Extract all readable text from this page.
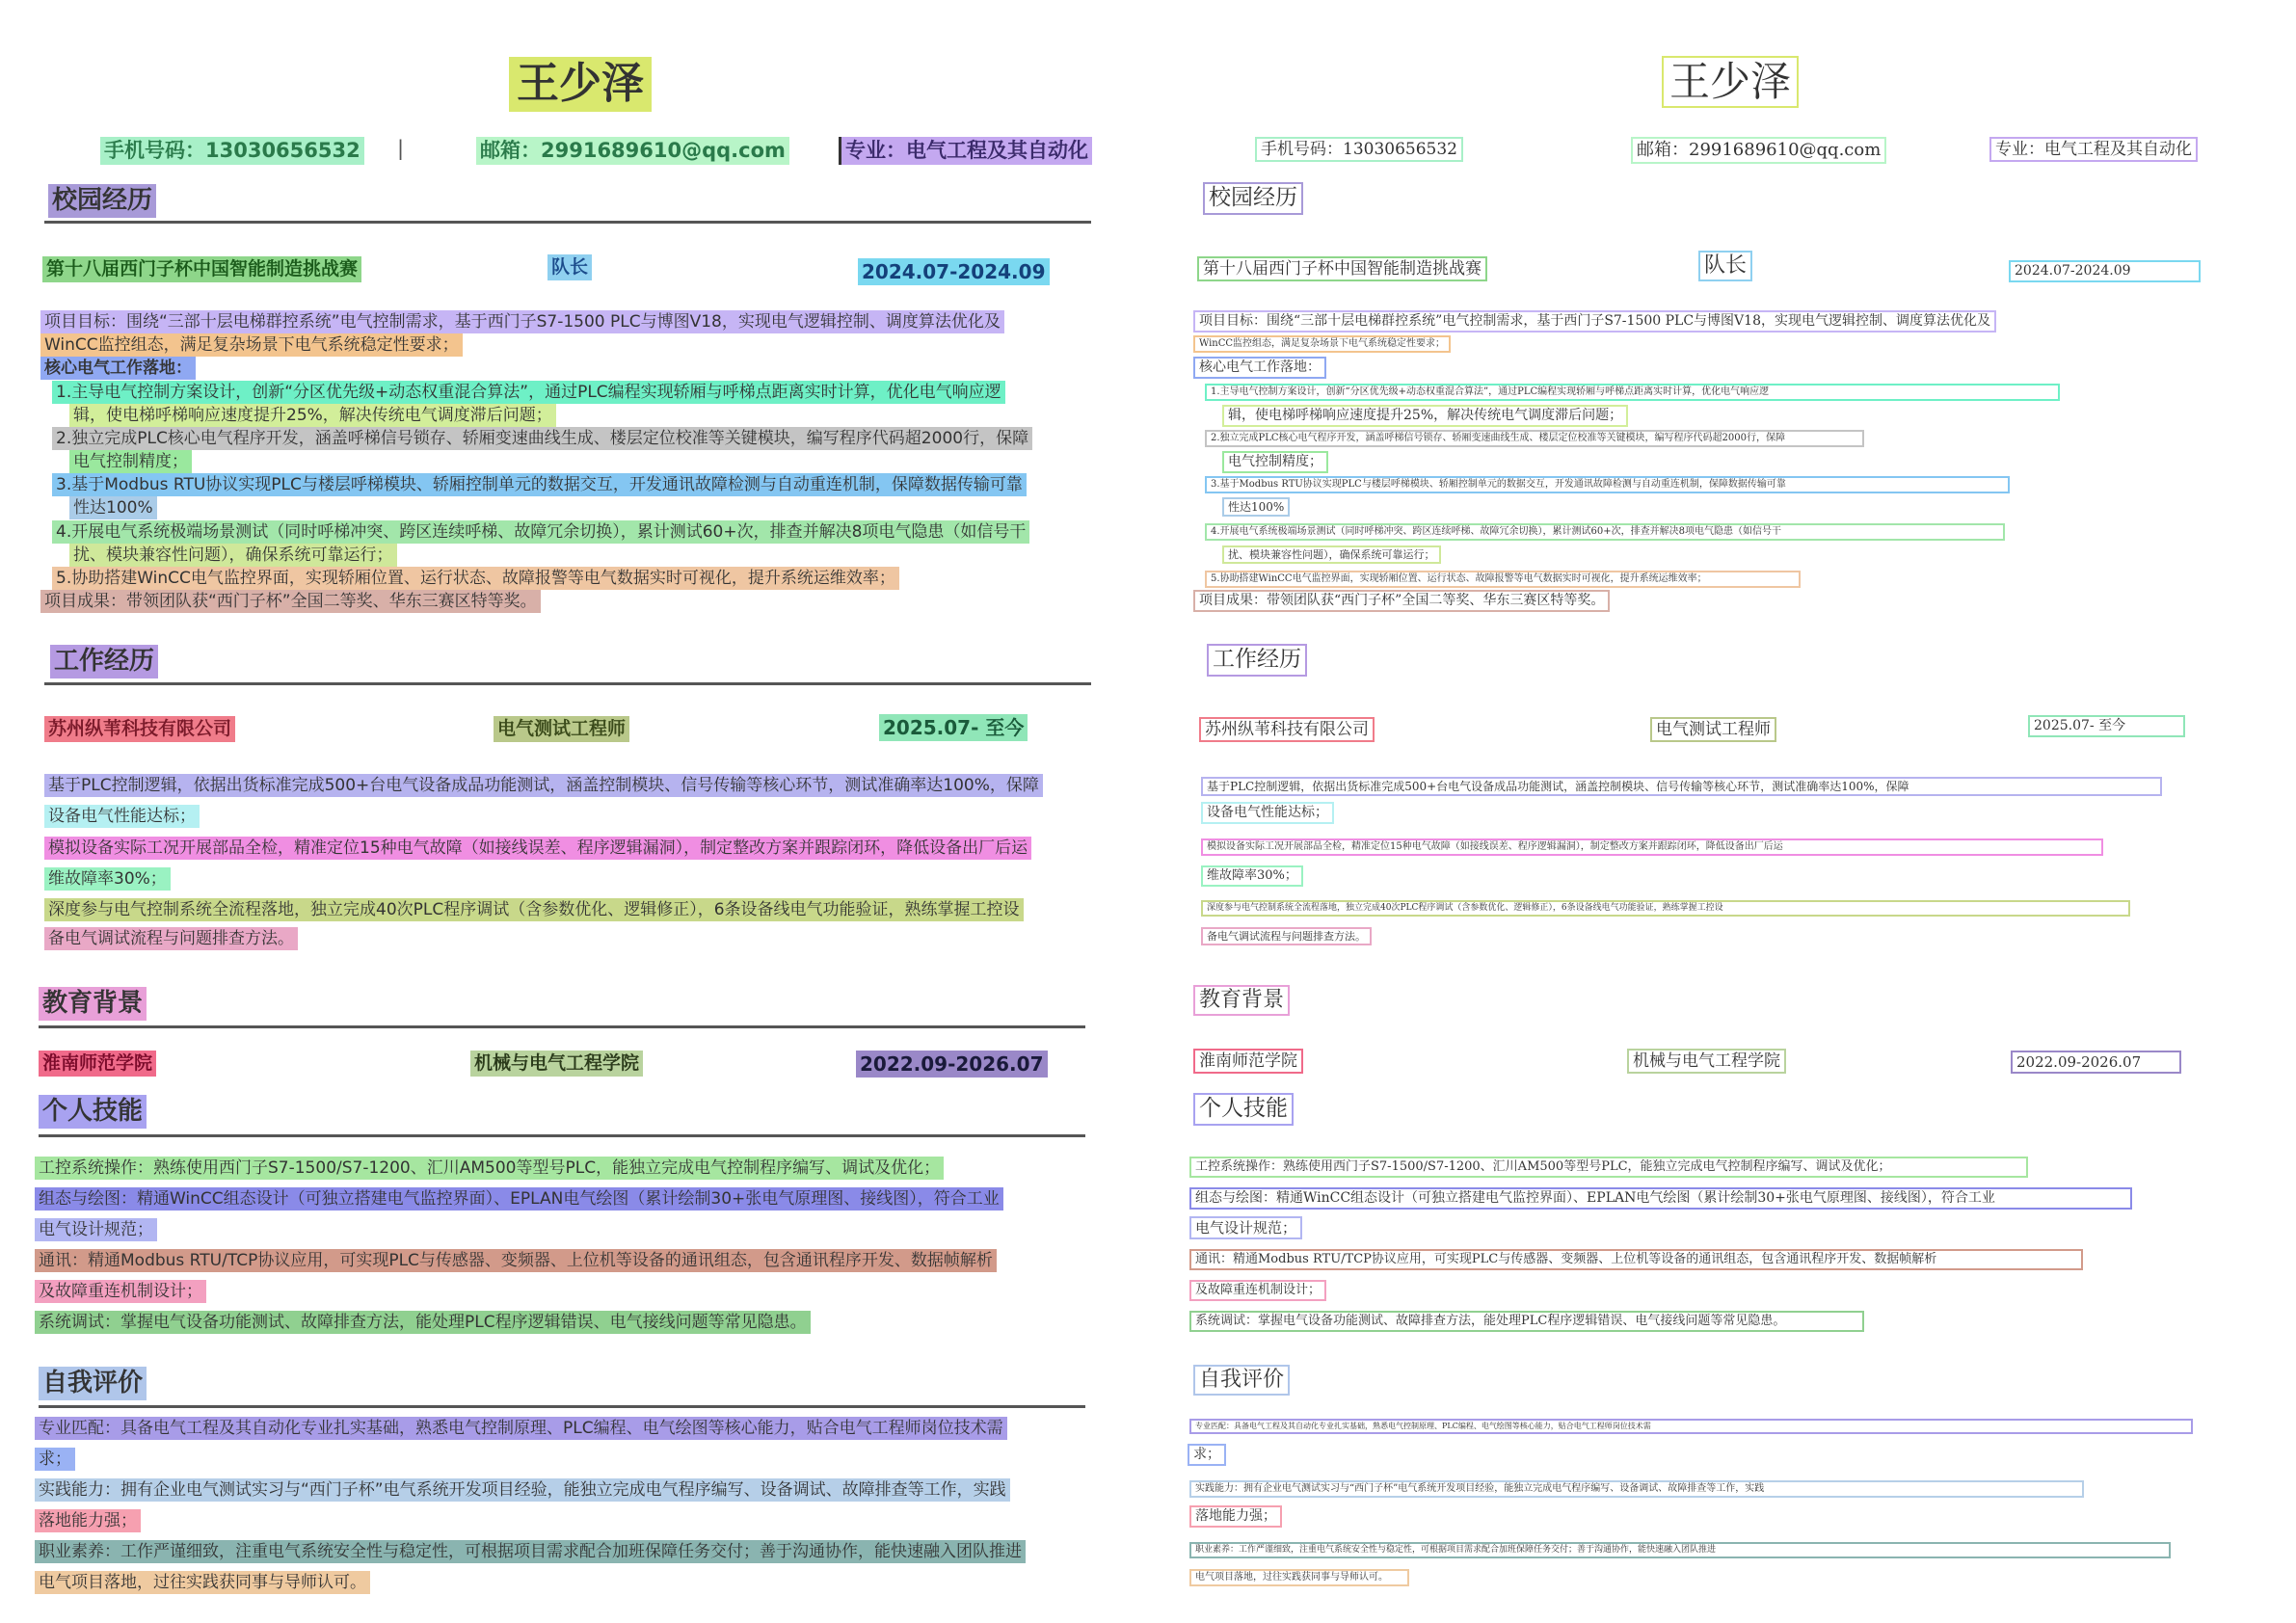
王少泽
手机号码：13030656532 |	邮箱：2991689610@qq.com	专业：电气工程及其自动化
校园经历
第十八届西门子杯中国智能制造挑战赛	队长	2024.07-2024.09
项目目标：围绕“三部十层电梯群控系统”电气控制需求，基于西门子S7-1500 PLC与博图V18，实现电气逻辑控制、调度算法优化及
WinCC监控组态，满足复杂场景下电气系统稳定性要求；
核心电气工作落地：
1.主导电气控制方案设计，创新“分区优先级+动态权重混合算法”，通过PLC编程实现轿厢与呼梯点距离实时计算，优化电气响应逻
辑，使电梯呼梯响应速度提升25%，解决传统电气调度滞后问题；
2.独立完成PLC核心电气程序开发，涵盖呼梯信号锁存、轿厢变速曲线生成、楼层定位校准等关键模块，编写程序代码超2000行，保障
电气控制精度；
3.基于Modbus RTU协议实现PLC与楼层呼梯模块、轿厢控制单元的数据交互，开发通讯故障检测与自动重连机制，保障数据传输可靠
性达100%
4.开展电气系统极端场景测试（同时呼梯冲突、跨区连续呼梯、故障冗余切换），累计测试60+次，排查并解决8项电气隐患（如信号干
扰、模块兼容性问题），确保系统可靠运行；
5.协助搭建WinCC电气监控界面，实现轿厢位置、运行状态、故障报警等电气数据实时可视化，提升系统运维效率；
项目成果：带领团队获“西门子杯”全国二等奖、华东三赛区特等奖。
工作经历
苏州纵苇科技有限公司	电气测试工程师	2025.07- 至今
基于PLC控制逻辑，依据出货标准完成500+台电气设备成品功能测试，涵盖控制模块、信号传输等核心环节，测试准确率达100%，保障
设备电气性能达标；
模拟设备实际工况开展部品全检，精准定位15种电气故障（如接线误差、程序逻辑漏洞），制定整改方案并跟踪闭环，降低设备出厂后运
维故障率30%；
深度参与电气控制系统全流程落地，独立完成40次PLC程序调试（含参数优化、逻辑修正），6条设备线电气功能验证，熟练掌握工控设
备电气调试流程与问题排查方法。
教育背景
淮南师范学院	机械与电气工程学院	2022.09-2026.07
个人技能
工控系统操作：熟练使用西门子S7-1500/S7-1200、汇川AM500等型号PLC，能独立完成电气控制程序编写、调试及优化；
组态与绘图：精通WinCC组态设计（可独立搭建电气监控界面）、EPLAN电气绘图（累计绘制30+张电气原理图、接线图），符合工业
电气设计规范；
通讯：精通Modbus RTU/TCP协议应用，可实现PLC与传感器、变频器、上位机等设备的通讯组态，包含通讯程序开发、数据帧解析
及故障重连机制设计；
系统调试：掌握电气设备功能测试、故障排查方法，能处理PLC程序逻辑错误、电气接线问题等常见隐患。
自我评价
专业匹配：具备电气工程及其自动化专业扎实基础，熟悉电气控制原理、PLC编程、电气绘图等核心能力，贴合电气工程师岗位技术需
求；
实践能力：拥有企业电气测试实习与“西门子杯”电气系统开发项目经验，能独立完成电气程序编写、设备调试、故障排查等工作，实践
落地能力强；
职业素养：工作严谨细致，注重电气系统安全性与稳定性，可根据项目需求配合加班保障任务交付；善于沟通协作，能快速融入团队推进
电气项目落地，过往实践获同事与导师认可。
王少泽
手机号码：13030656532	邮箱：2991689610@qq.com	专业：电气工程及其自动化
校园经历
第十八届西门子杯中国智能制造挑战赛	队长	2024.07-2024.09
项目目标：围绕“三部十层电梯群控系统”电气控制需求，基于西门子S7-1500 PLC与博图V18，实现电气逻辑控制、调度算法优化及
WinCC监控组态，满足复杂场景下电气系统稳定性要求；
核心电气工作落地：
1.主导电气控制方案设计，创新“分区优先级+动态权重混合算法”，通过PLC编程实现轿厢与呼梯点距离实时计算，优化电气响应逻
辑，使电梯呼梯响应速度提升25%，解决传统电气调度滞后问题；
2.独立完成PLC核心电气程序开发，涵盖呼梯信号锁存、轿厢变速曲线生成、楼层定位校准等关键模块，编写程序代码超2000行，保障
电气控制精度；
3.基于Modbus RTU协议实现PLC与楼层呼梯模块、轿厢控制单元的数据交互，开发通讯故障检测与自动重连机制，保障数据传输可靠
性达100%
4.开展电气系统极端场景测试（同时呼梯冲突、跨区连续呼梯、故障冗余切换），累计测试60+次，排查并解决8项电气隐患（如信号干
扰、模块兼容性问题），确保系统可靠运行；
5.协助搭建WinCC电气监控界面，实现轿厢位置、运行状态、故障报警等电气数据实时可视化，提升系统运维效率；
项目成果：带领团队获“西门子杯”全国二等奖、华东三赛区特等奖。
工作经历
苏州纵苇科技有限公司	电气测试工程师	2025.07- 至今
基于PLC控制逻辑，依据出货标准完成500+台电气设备成品功能测试，涵盖控制模块、信号传输等核心环节，测试准确率达100%，保障
设备电气性能达标；
模拟设备实际工况开展部品全检，精准定位15种电气故障（如接线误差、程序逻辑漏洞），制定整改方案并跟踪闭环，降低设备出厂后运
维故障率30%；
深度参与电气控制系统全流程落地，独立完成40次PLC程序调试（含参数优化、逻辑修正），6条设备线电气功能验证，熟练掌握工控设
备电气调试流程与问题排查方法。
教育背景
淮南师范学院	机械与电气工程学院	2022.09-2026.07
个人技能
工控系统操作：熟练使用西门子S7-1500/S7-1200、汇川AM500等型号PLC，能独立完成电气控制程序编写、调试及优化；
组态与绘图：精通WinCC组态设计（可独立搭建电气监控界面）、EPLAN电气绘图（累计绘制30+张电气原理图、接线图），符合工业
电气设计规范；
通讯：精通Modbus RTU/TCP协议应用，可实现PLC与传感器、变频器、上位机等设备的通讯组态，包含通讯程序开发、数据帧解析
及故障重连机制设计；
系统调试：掌握电气设备功能测试、故障排查方法，能处理PLC程序逻辑错误、电气接线问题等常见隐患。
自我评价
专业匹配：具备电气工程及其自动化专业扎实基础，熟悉电气控制原理、PLC编程、电气绘图等核心能力，贴合电气工程师岗位技术需
求；
实践能力：拥有企业电气测试实习与“西门子杯”电气系统开发项目经验，能独立完成电气程序编写、设备调试、故障排查等工作，实践
落地能力强；
职业素养：工作严谨细致，注重电气系统安全性与稳定性，可根据项目需求配合加班保障任务交付；善于沟通协作，能快速融入团队推进
电气项目落地，过往实践获同事与导师认可。
